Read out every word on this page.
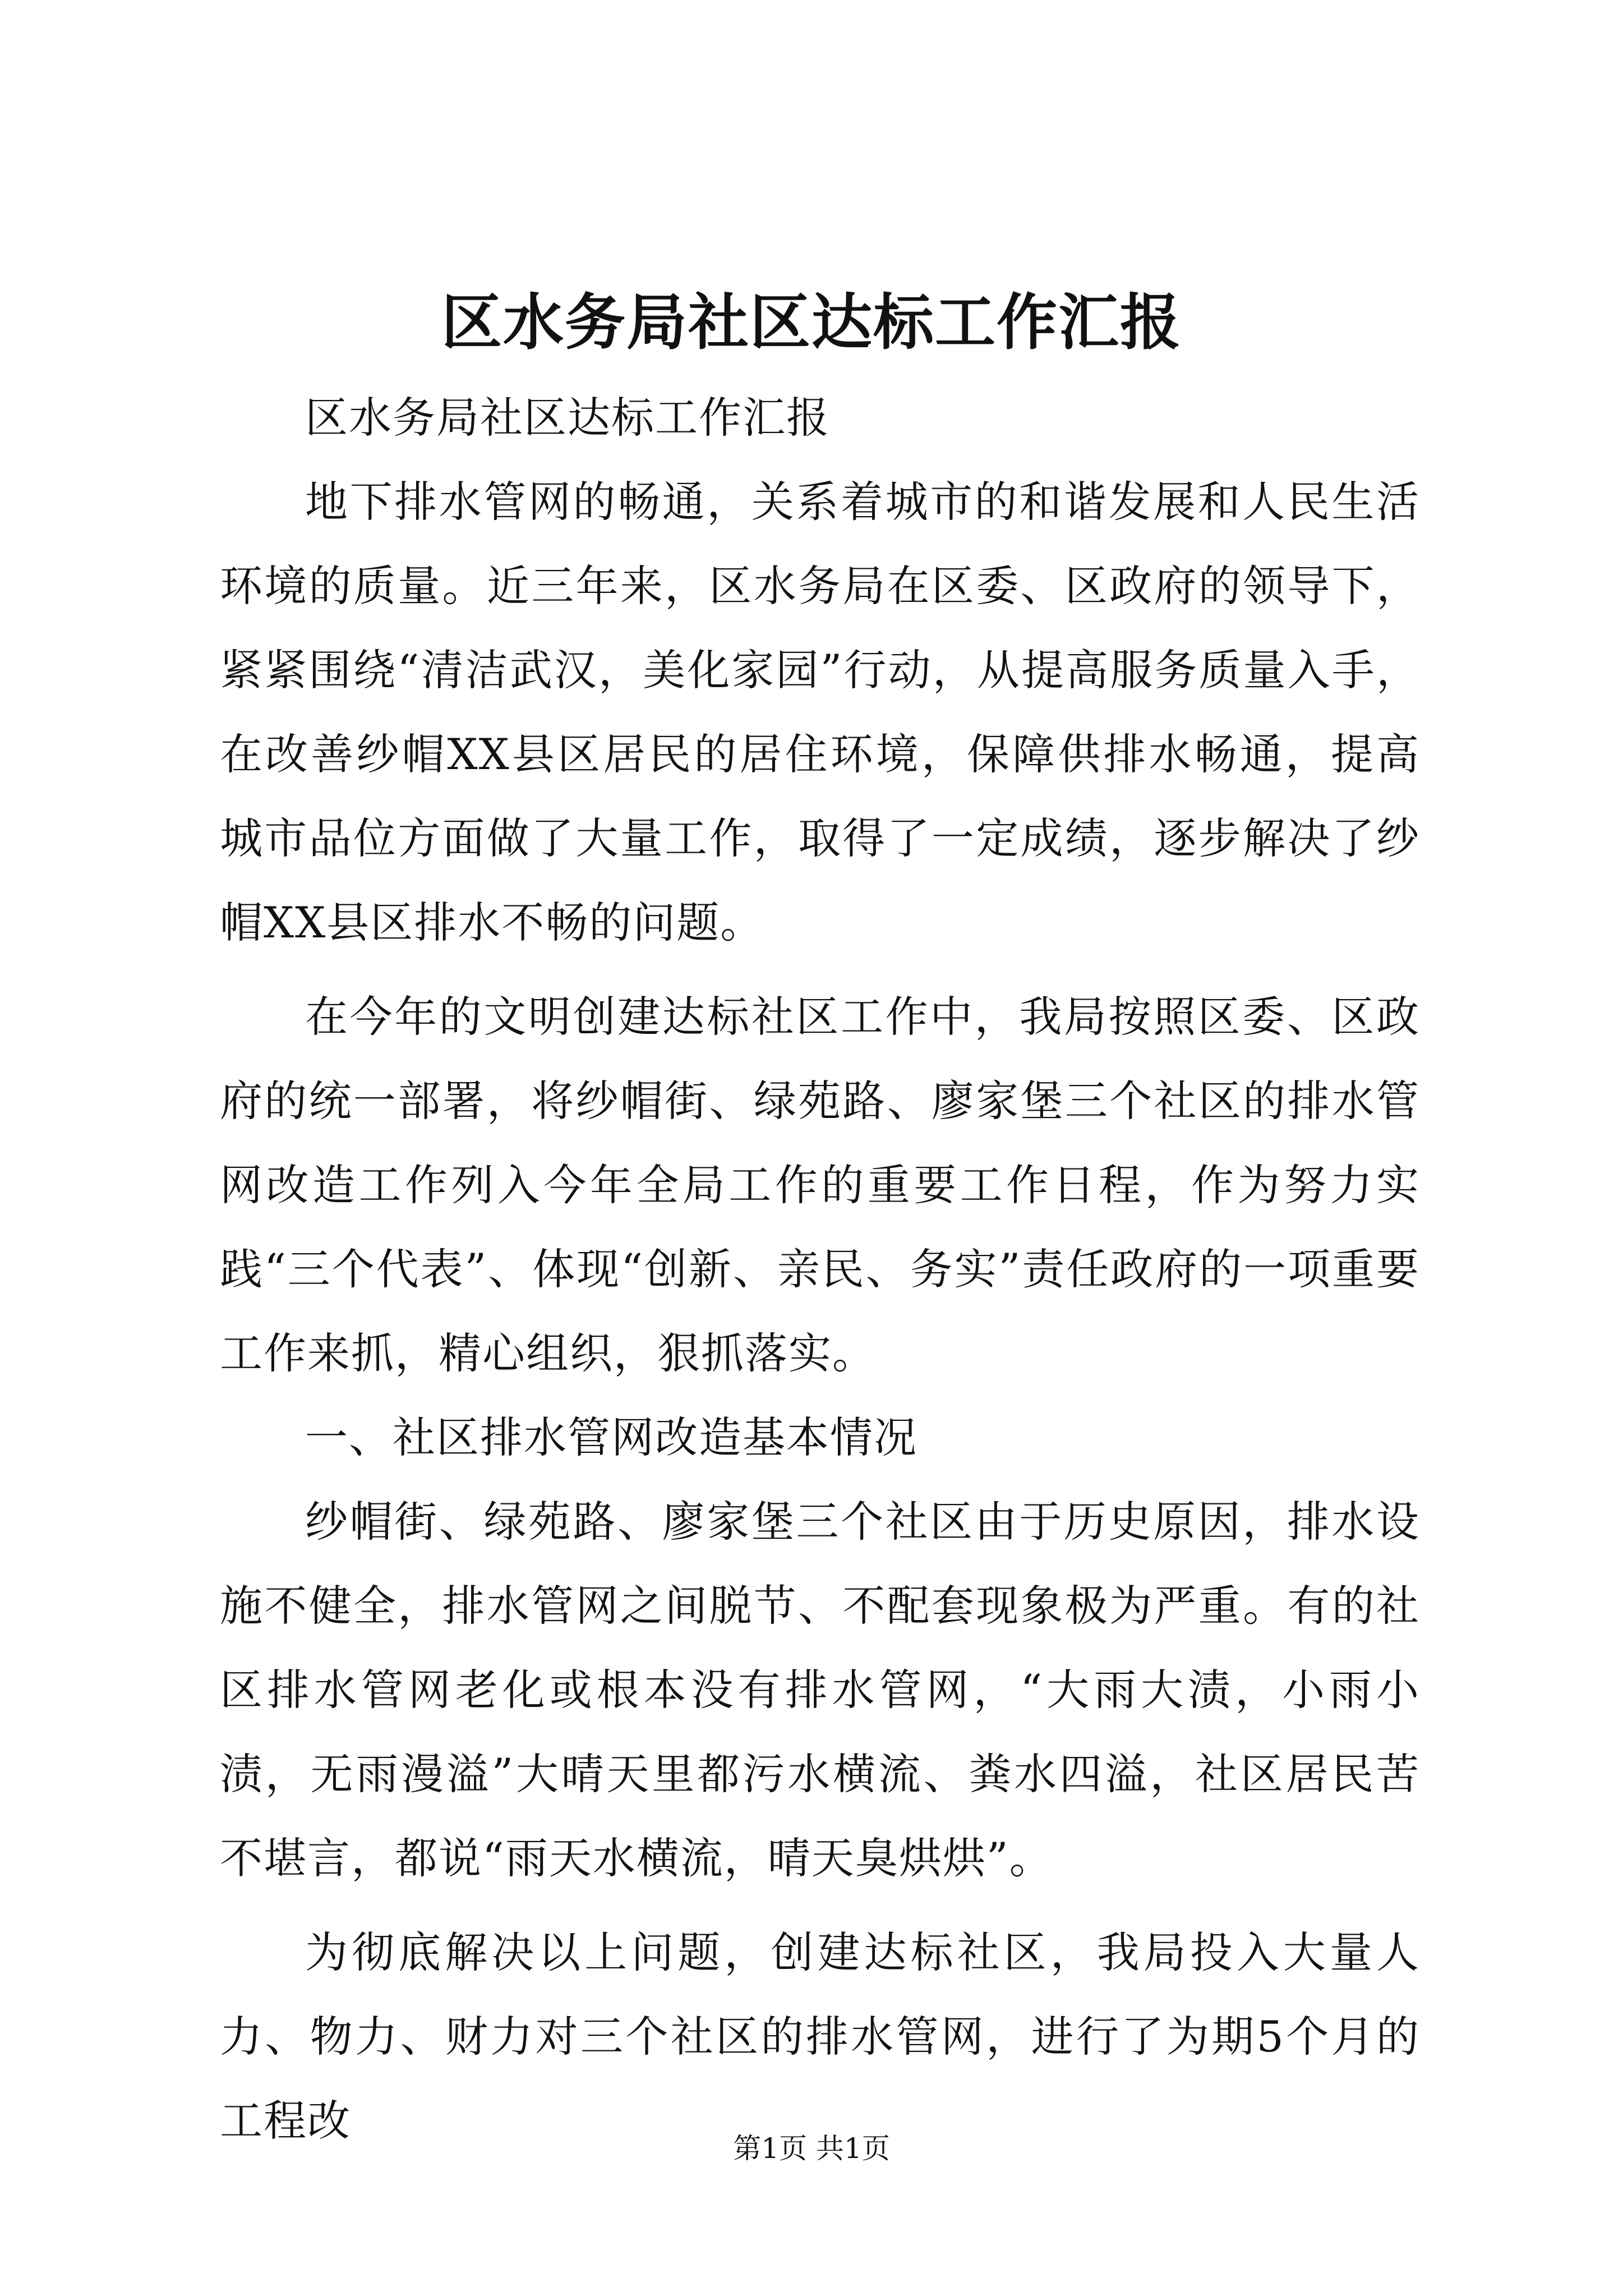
区水务局社区达标工作汇报

区水务局社区达标工作汇报

地下排水管网的畅通，关系着城市的和谐发展和人民生活环境的质量。近三年来，区水务局在区委、区政府的领导下，紧紧围绕“清洁武汉，美化家园”行动，从提高服务质量入手，在改善纱帽XX县区居民的居住环境，保障供排水畅通，提高城市品位方面做了大量工作，取得了一定成绩，逐步解决了纱帽XX县区排水不畅的问题。

在今年的文明创建达标社区工作中，我局按照区委、区政府的统一部署，将纱帽街、绿苑路、廖家堡三个社区的排水管网改造工作列入今年全局工作的重要工作日程，作为努力实践“三个代表”、体现“创新、亲民、务实”责任政府的一项重要工作来抓，精心组织，狠抓落实。

一、社区排水管网改造基本情况

纱帽街、绿苑路、廖家堡三个社区由于历史原因，排水设施不健全，排水管网之间脱节、不配套现象极为严重。有的社区排水管网老化或根本没有排水管网，“大雨大渍，小雨小渍，无雨漫溢”大晴天里都污水横流、粪水四溢，社区居民苦不堪言，都说“雨天水横流，晴天臭烘烘”。

为彻底解决以上问题，创建达标社区，我局投入大量人力、物力、财力对三个社区的排水管网，进行了为期5个月的工程改

第1页 共1页
